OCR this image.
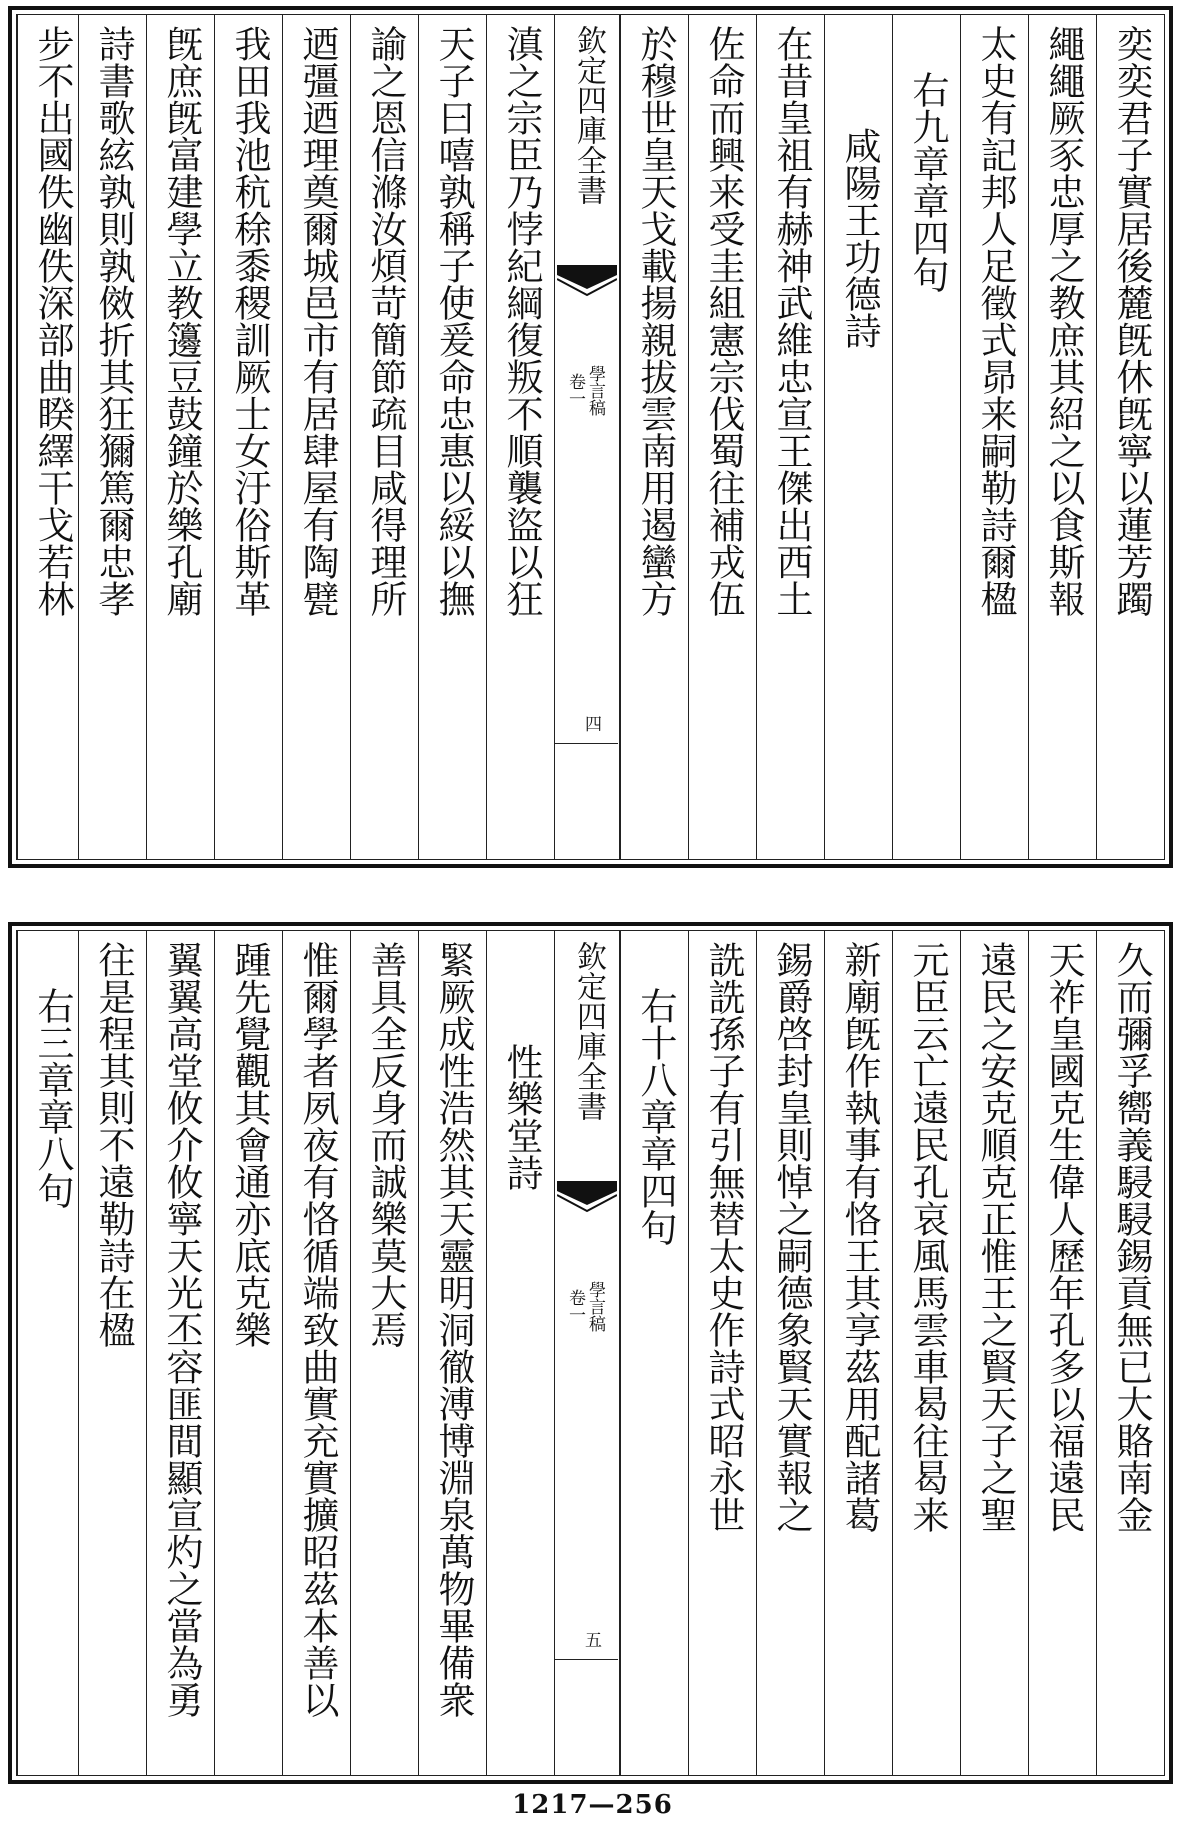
奕奕君子實居後麓旣休旣寧以蓮芳躅
繩繩厥豕忠厚之教庶其紹之以食斯報
太史有記邦人足徵式昴来嗣勒詩爾楹
右九章章四句
咸陽王功德詩
在昔皇祖有赫神武維忠宣王傑出西土
佐命而興来受圭組憲宗伐蜀往補戎伍
於穆世皇天戈載揚親拔雲南用遏蠻方
欽定四庫全書
學言稿
卷一
四
滇之宗臣乃悖紀綱復叛不順襲盜以狂
天子曰嘻孰稱子使爰命忠惠以綏以撫
諭之恩信滌汝煩苛簡節疏目咸得理所
迺彊迺理奠爾城邑市有居肆屋有陶甓
我田我池秔稌黍稷訓厥士女汙俗斯革
旣庶旣富建學立教籩豆鼓鐘於樂孔廟
詩書歌絃孰則孰傚折其狂獮篤爾忠孝
步不出國佚幽佚深部曲睽繹干戈若林
久而彌孚嚮義駸駸錫貢無已大賂南金
天祚皇國克生偉人歷年孔多以福遠民
遠民之安克順克正惟王之賢天子之聖
元臣云亡遠民孔哀風馬雲車曷往曷来
新廟旣作執事有恪王其享茲用配諸葛
錫爵啓封皇則悼之嗣德象賢天實報之
詵詵孫子有引無替太史作詩式昭永世
右十八章章四句
欽定四庫全書
學言稿
卷一
五
性樂堂詩
緊厥成性浩然其天靈明洞徹溥博淵泉萬物畢備衆
善具全反身而誠樂莫大焉
惟爾學者夙夜有恪循端致曲實充實擴昭茲本善以
踵先覺觀其會通亦底克樂
翼翼高堂攸介攸寧天光丕容匪間顯宣灼之當為勇
往是程其則不遠勒詩在楹
右三章章八句
1217—256
